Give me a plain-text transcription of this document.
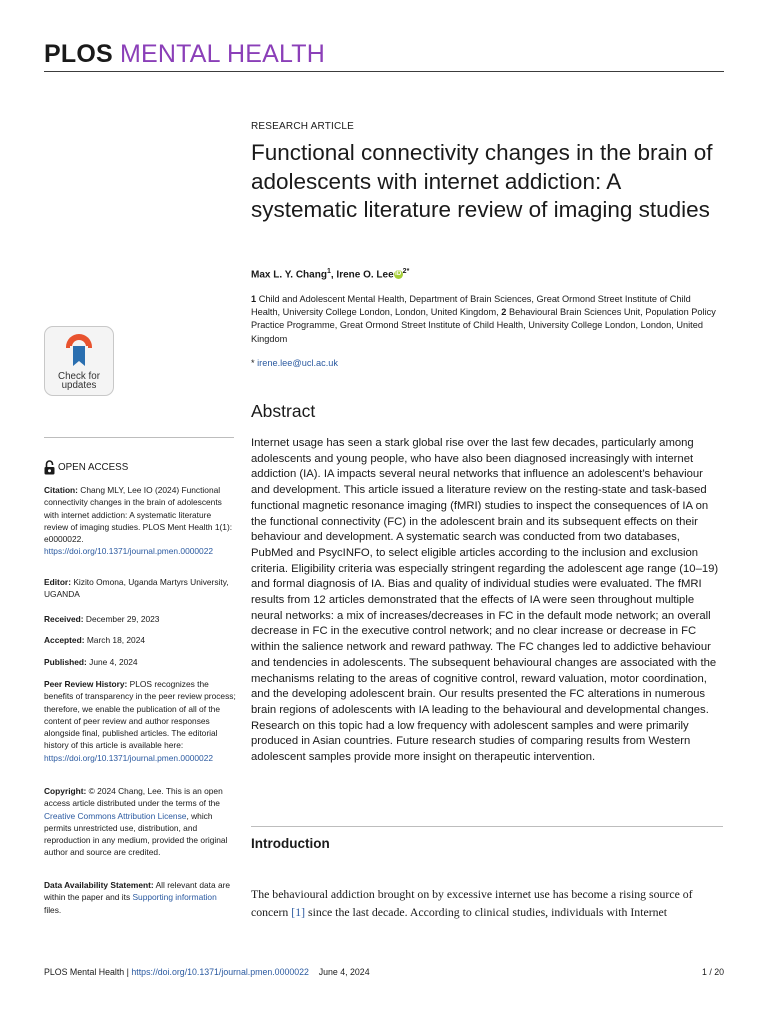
PLOS MENTAL HEALTH
RESEARCH ARTICLE
Functional connectivity changes in the brain of adolescents with internet addiction: A systematic literature review of imaging studies
Max L. Y. Chang$^1$, Irene O. Lee iD $^{2*}$
1 Child and Adolescent Mental Health, Department of Brain Sciences, Great Ormond Street Institute of Child Health, University College London, London, United Kingdom, 2 Behavioural Brain Sciences Unit, Population Policy Practice Programme, Great Ormond Street Institute of Child Health, University College London, London, United Kingdom
* irene.lee@ucl.ac.uk
Abstract
Internet usage has seen a stark global rise over the last few decades, particularly among adolescents and young people, who have also been diagnosed increasingly with internet addiction (IA). IA impacts several neural networks that influence an adolescent’s behaviour and development. This article issued a literature review on the resting-state and task-based functional magnetic resonance imaging (fMRI) studies to inspect the consequences of IA on the functional connectivity (FC) in the adolescent brain and its subsequent effects on their behaviour and development. A systematic search was conducted from two databases, PubMed and PsycINFO, to select eligible articles according to the inclusion and exclusion criteria. Eligibility criteria was especially stringent regarding the adolescent age range (10–19) and formal diagnosis of IA. Bias and quality of individual studies were evaluated. The fMRI results from 12 articles demonstrated that the effects of IA were seen throughout multiple neural networks: a mix of increases/decreases in FC in the default mode network; an overall decrease in FC in the executive control network; and no clear increase or decrease in FC within the salience network and reward pathway. The FC changes led to addictive behaviour and tendencies in adolescents. The subsequent behavioural changes are associated with the mechanisms relating to the areas of cognitive control, reward valuation, motor coordination, and the developing adolescent brain. Our results presented the FC alterations in numerous brain regions of adolescents with IA leading to the behavioural and developmental changes. Research on this topic had a low frequency with adolescent samples and were primarily produced in Asian countries. Future research studies of comparing results from Western adolescent samples provide more insight on therapeutic intervention.
Introduction
The behavioural addiction brought on by excessive internet use has become a rising source of concern [1] since the last decade. According to clinical studies, individuals with Internet
Check for
updates
OPEN ACCESS
Citation: Chang MLY, Lee IO (2024) Functional connectivity changes in the brain of adolescents with internet addiction: A systematic literature review of imaging studies. PLOS Ment Health 1(1): e0000022. https://doi.org/10.1371/journal.pmen.0000022
Editor: Kizito Omona, Uganda Martyrs University, UGANDA
Received: December 29, 2023
Accepted: March 18, 2024
Published: June 4, 2024
Peer Review History: PLOS recognizes the benefits of transparency in the peer review process; therefore, we enable the publication of all of the content of peer review and author responses alongside final, published articles. The editorial history of this article is available here: https://doi.org/10.1371/journal.pmen.0000022
Copyright: © 2024 Chang, Lee. This is an open access article distributed under the terms of the Creative Commons Attribution License, which permits unrestricted use, distribution, and reproduction in any medium, provided the original author and source are credited.
Data Availability Statement: All relevant data are within the paper and its Supporting information files.
PLOS Mental Health | https://doi.org/10.1371/journal.pmen.0000022 June 4, 2024	1 / 20
